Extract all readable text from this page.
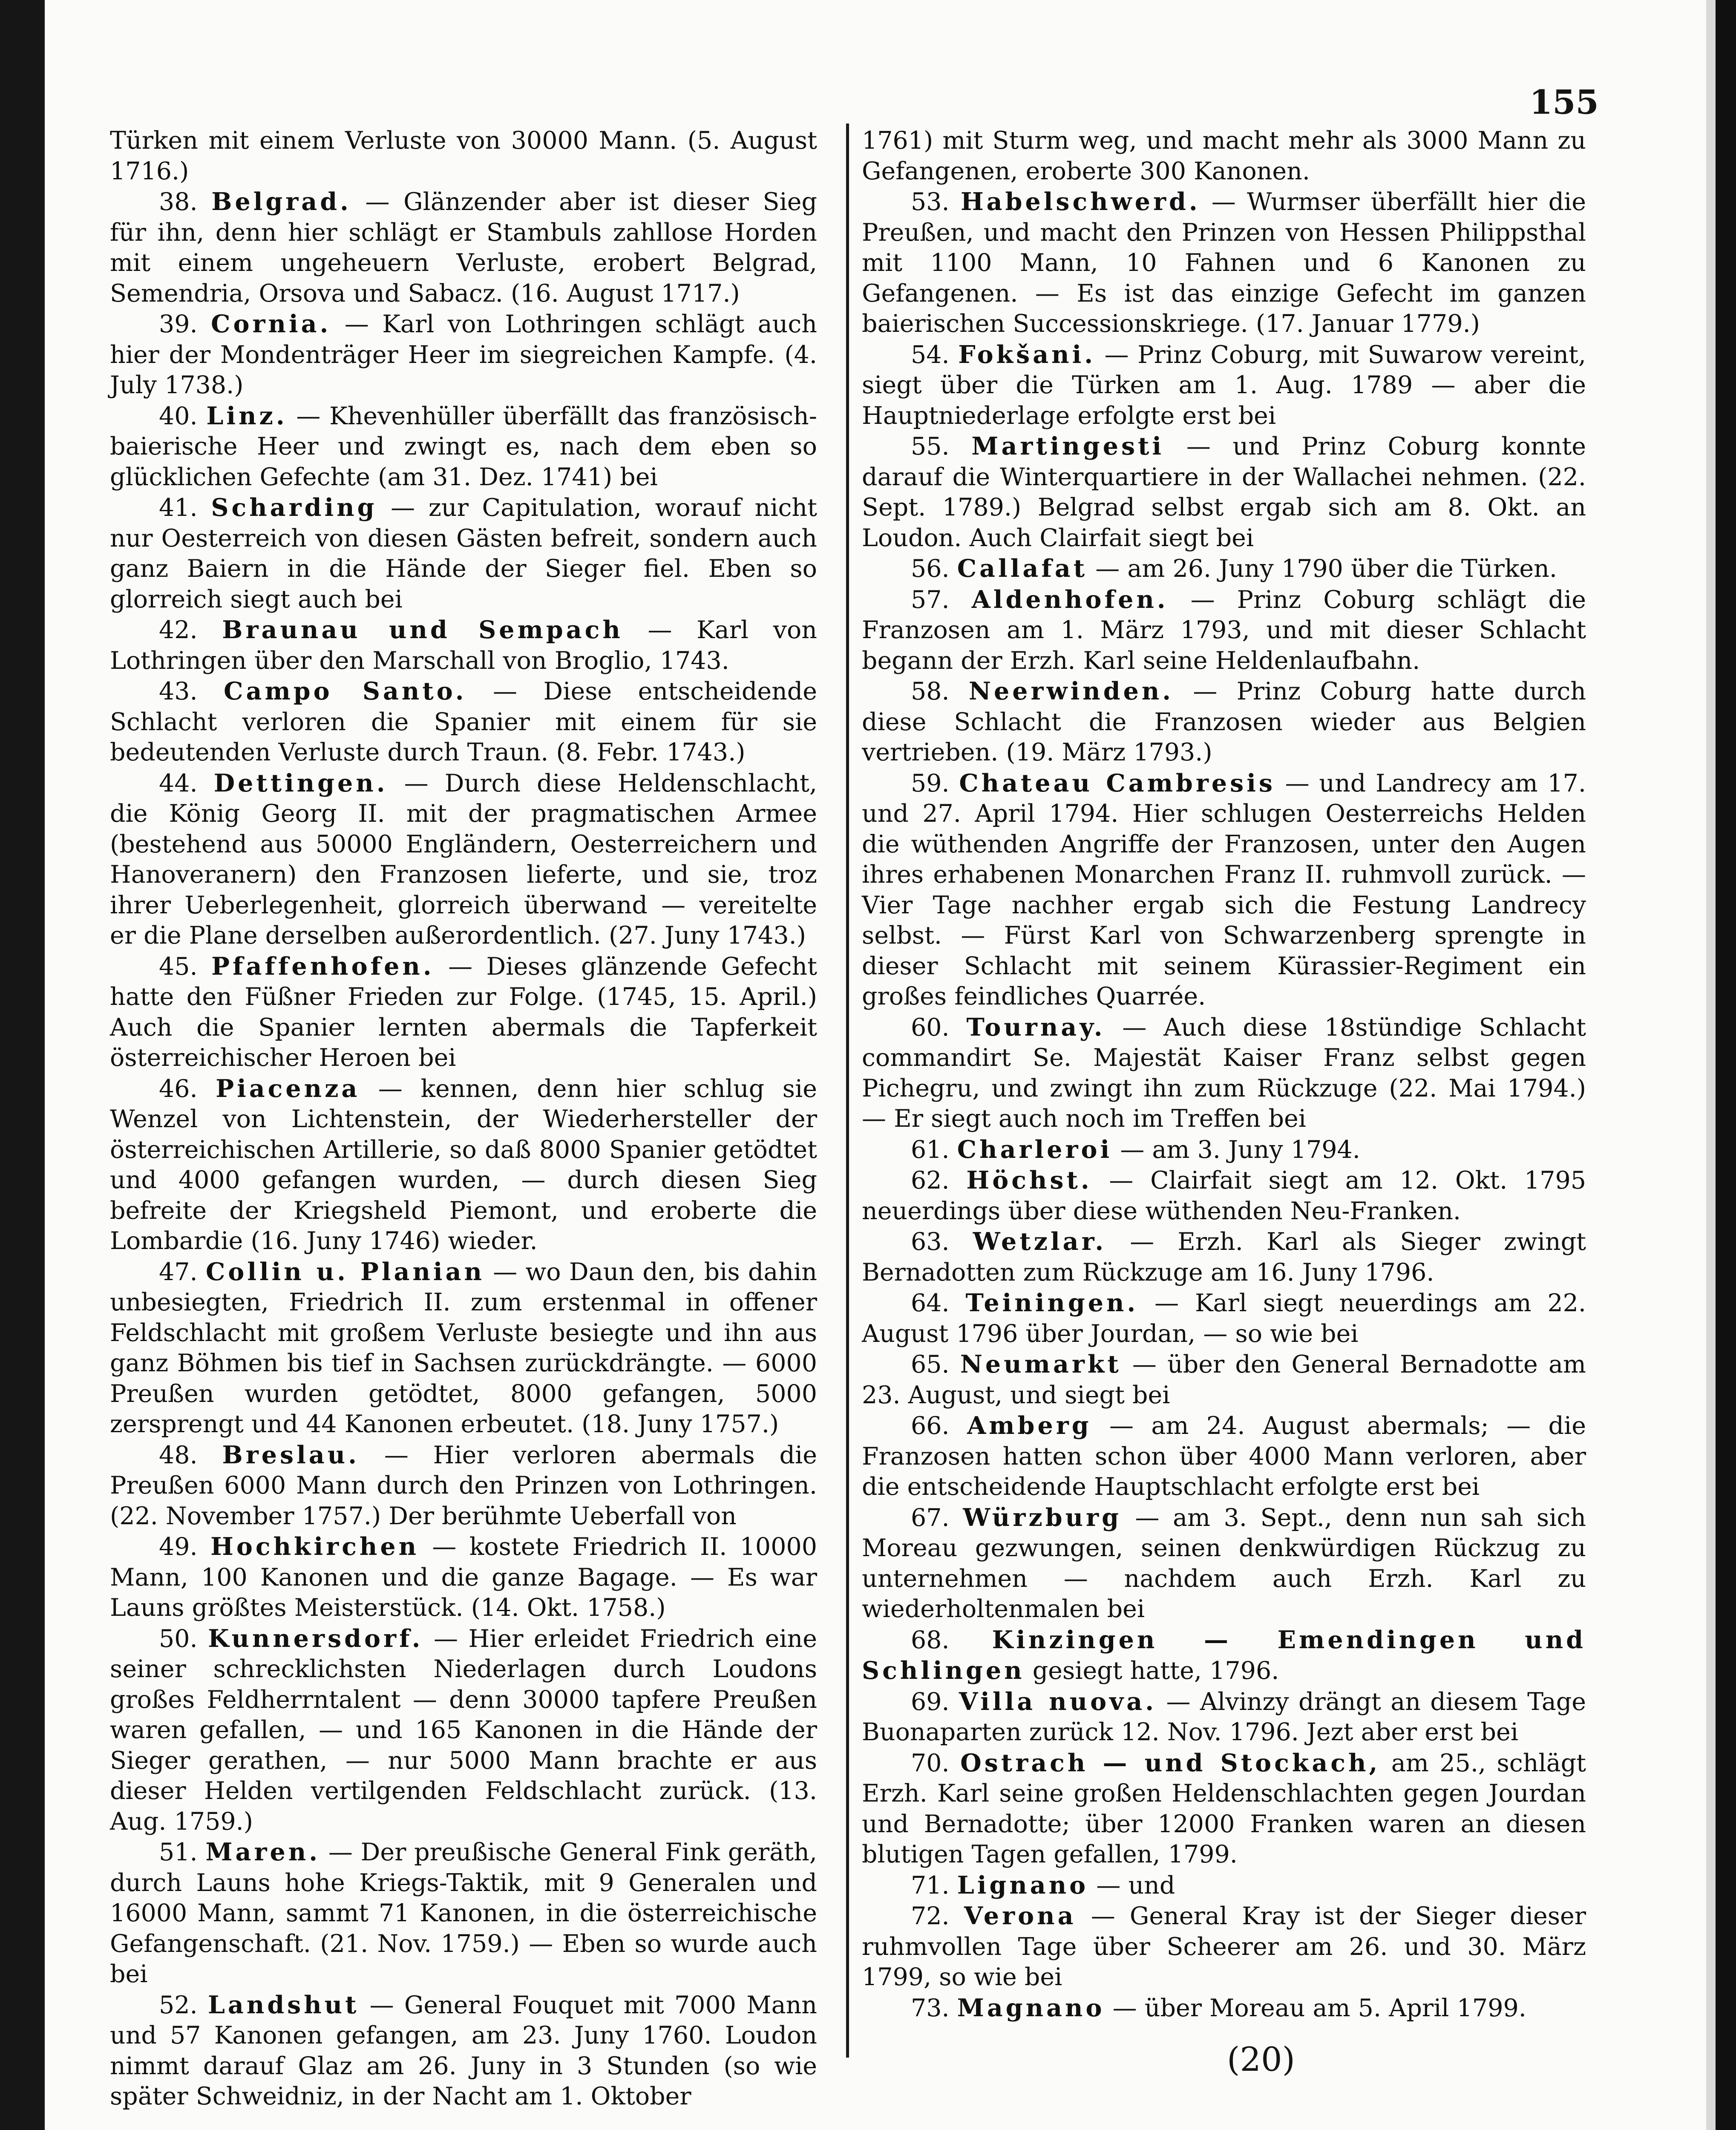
155

Türken mit einem Verluste von 30000 Mann. (5. August 1716.)

38. Belgrad. — Glänzender aber ist dieser Sieg für ihn, denn hier schlägt er Stambuls zahllose Horden mit einem ungeheuern Verluste, erobert Belgrad, Semendria, Orsova und Sabacz. (16. August 1717.)

39. Cornia. — Karl von Lothringen schlägt auch hier der Mondenträger Heer im siegreichen Kampfe. (4. July 1738.)

40. Linz. — Khevenhüller überfällt das französisch-baierische Heer und zwingt es, nach dem eben so glücklichen Gefechte (am 31. Dez. 1741) bei

41. Scharding — zur Capitulation, worauf nicht nur Oesterreich von diesen Gästen befreit, sondern auch ganz Baiern in die Hände der Sieger fiel. Eben so glorreich siegt auch bei

42. Braunau und Sempach — Karl von Lothringen über den Marschall von Broglio, 1743.

43. Campo Santo. — Diese entscheidende Schlacht verloren die Spanier mit einem für sie bedeutenden Verluste durch Traun. (8. Febr. 1743.)

44. Dettingen. — Durch diese Heldenschlacht, die König Georg II. mit der pragmatischen Armee (bestehend aus 50000 Engländern, Oesterreichern und Hanoveranern) den Franzosen lieferte, und sie, troz ihrer Ueberlegenheit, glorreich überwand — vereitelte er die Plane derselben außerordentlich. (27. Juny 1743.)

45. Pfaffenhofen. — Dieses glänzende Gefecht hatte den Füßner Frieden zur Folge. (1745, 15. April.) Auch die Spanier lernten abermals die Tapferkeit österreichischer Heroen bei

46. Piacenza — kennen, denn hier schlug sie Wenzel von Lichtenstein, der Wiederhersteller der österreichischen Artillerie, so daß 8000 Spanier getödtet und 4000 gefangen wurden, — durch diesen Sieg befreite der Kriegsheld Piemont, und eroberte die Lombardie (16. Juny 1746) wieder.

47. Collin u. Planian — wo Daun den, bis dahin unbesiegten, Friedrich II. zum erstenmal in offener Feldschlacht mit großem Verluste besiegte und ihn aus ganz Böhmen bis tief in Sachsen zurückdrängte. — 6000 Preußen wurden getödtet, 8000 gefangen, 5000 zersprengt und 44 Kanonen erbeutet. (18. Juny 1757.)

48. Breslau. — Hier verloren abermals die Preußen 6000 Mann durch den Prinzen von Lothringen. (22. November 1757.) Der berühmte Ueberfall von

49. Hochkirchen — kostete Friedrich II. 10000 Mann, 100 Kanonen und die ganze Bagage. — Es war Launs größtes Meisterstück. (14. Okt. 1758.)

50. Kunnersdorf. — Hier erleidet Friedrich eine seiner schrecklichsten Niederlagen durch Loudons großes Feldherrntalent — denn 30000 tapfere Preußen waren gefallen, — und 165 Kanonen in die Hände der Sieger gerathen, — nur 5000 Mann brachte er aus dieser Helden vertilgenden Feldschlacht zurück. (13. Aug. 1759.)

51. Maren. — Der preußische General Fink geräth, durch Launs hohe Kriegs-Taktik, mit 9 Generalen und 16000 Mann, sammt 71 Kanonen, in die österreichische Gefangenschaft. (21. Nov. 1759.) — Eben so wurde auch bei

52. Landshut — General Fouquet mit 7000 Mann und 57 Kanonen gefangen, am 23. Juny 1760. Loudon nimmt darauf Glaz am 26. Juny in 3 Stunden (so wie später Schweidniz, in der Nacht am 1. Oktober

1761) mit Sturm weg, und macht mehr als 3000 Mann zu Gefangenen, eroberte 300 Kanonen.

53. Habelschwerd. — Wurmser überfällt hier die Preußen, und macht den Prinzen von Hessen Philippsthal mit 1100 Mann, 10 Fahnen und 6 Kanonen zu Gefangenen. — Es ist das einzige Gefecht im ganzen baierischen Successionskriege. (17. Januar 1779.)

54. Fokšani. — Prinz Coburg, mit Suwarow vereint, siegt über die Türken am 1. Aug. 1789 — aber die Hauptniederlage erfolgte erst bei

55. Martingesti — und Prinz Coburg konnte darauf die Winterquartiere in der Wallachei nehmen. (22. Sept. 1789.) Belgrad selbst ergab sich am 8. Okt. an Loudon. Auch Clairfait siegt bei

56. Callafat — am 26. Juny 1790 über die Türken.

57. Aldenhofen. — Prinz Coburg schlägt die Franzosen am 1. März 1793, und mit dieser Schlacht begann der Erzh. Karl seine Heldenlaufbahn.

58. Neerwinden. — Prinz Coburg hatte durch diese Schlacht die Franzosen wieder aus Belgien vertrieben. (19. März 1793.)

59. Chateau Cambresis — und Landrecy am 17. und 27. April 1794. Hier schlugen Oesterreichs Helden die wüthenden Angriffe der Franzosen, unter den Augen ihres erhabenen Monarchen Franz II. ruhmvoll zurück. — Vier Tage nachher ergab sich die Festung Landrecy selbst. — Fürst Karl von Schwarzenberg sprengte in dieser Schlacht mit seinem Kürassier-Regiment ein großes feindliches Quarrée.

60. Tournay. — Auch diese 18stündige Schlacht commandirt Se. Majestät Kaiser Franz selbst gegen Pichegru, und zwingt ihn zum Rückzuge (22. Mai 1794.) — Er siegt auch noch im Treffen bei

61. Charleroi — am 3. Juny 1794.

62. Höchst. — Clairfait siegt am 12. Okt. 1795 neuerdings über diese wüthenden Neu-Franken.

63. Wetzlar. — Erzh. Karl als Sieger zwingt Bernadotten zum Rückzuge am 16. Juny 1796.

64. Teiningen. — Karl siegt neuerdings am 22. August 1796 über Jourdan, — so wie bei

65. Neumarkt — über den General Bernadotte am 23. August, und siegt bei

66. Amberg — am 24. August abermals; — die Franzosen hatten schon über 4000 Mann verloren, aber die entscheidende Hauptschlacht erfolgte erst bei

67. Würzburg — am 3. Sept., denn nun sah sich Moreau gezwungen, seinen denkwürdigen Rückzug zu unternehmen — nachdem auch Erzh. Karl zu wiederholtenmalen bei

68. Kinzingen — Emendingen und Schlingen gesiegt hatte, 1796.

69. Villa nuova. — Alvinzy drängt an diesem Tage Buonaparten zurück 12. Nov. 1796. Jezt aber erst bei

70. Ostrach — und Stockach, am 25., schlägt Erzh. Karl seine großen Heldenschlachten gegen Jourdan und Bernadotte; über 12000 Franken waren an diesen blutigen Tagen gefallen, 1799.

71. Lignano — und

72. Verona — General Kray ist der Sieger dieser ruhmvollen Tage über Scheerer am 26. und 30. März 1799, so wie bei

73. Magnano — über Moreau am 5. April 1799.

(20)
